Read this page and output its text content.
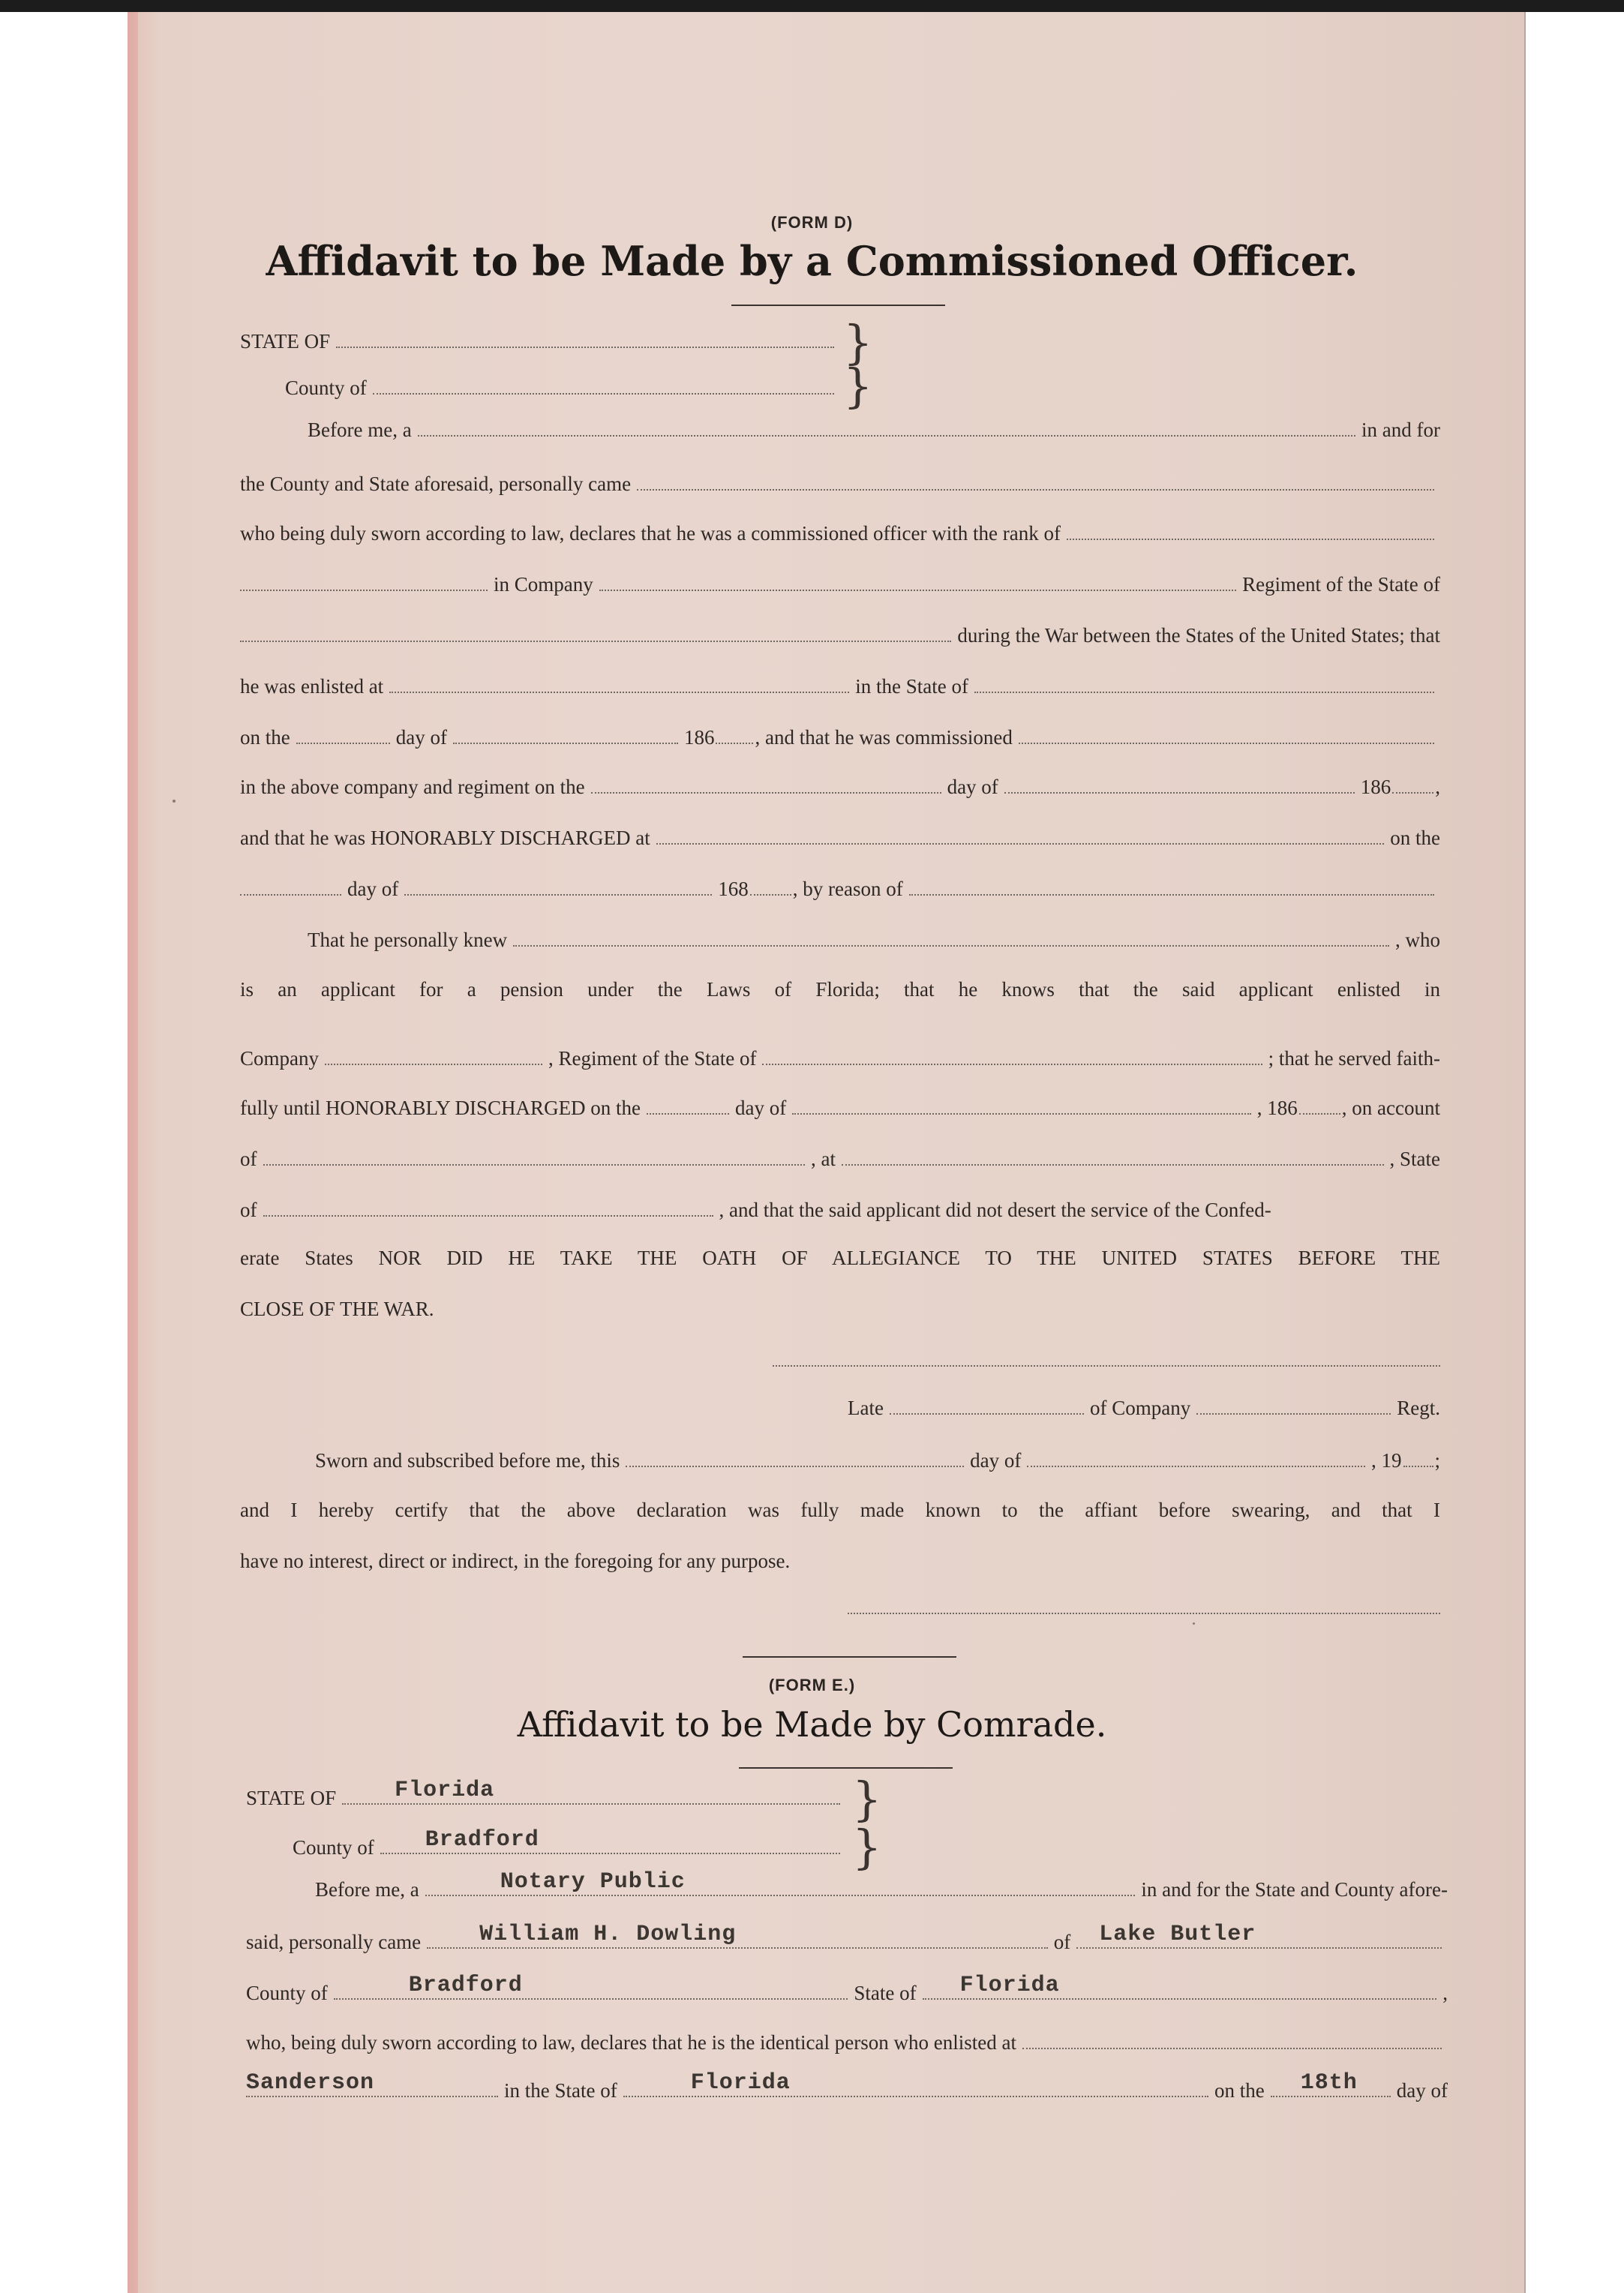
(FORM D)
Affidavit to be Made by a Commissioned Officer.
STATE OF
County of
}
}
Before me, a	in and for
the County and State aforesaid, personally came
who being duly sworn according to law, declares that he was a commissioned officer with the rank of
in Company	Regiment of the State of
during the War between the States of the United States; that
he was enlisted at	in the State of
on the	day of	186 , and that he was commissioned
in the above company and regiment on the	day of	186 ,
and that he was HONORABLY DISCHARGED at	on the
day of	168 , by reason of
That he personally knew	, who
is an applicant for a pension under the Laws of Florida; that he knows that the said applicant enlisted in
Company	, Regiment of the State of	; that he served faith-
fully until HONORABLY DISCHARGED on the	day of	, 186 , on account
of	, at	, State
of	, and that the said applicant did not desert the service of the Confed-
erate States NOR DID HE TAKE THE OATH OF ALLEGIANCE TO THE UNITED STATES BEFORE THE
CLOSE OF THE WAR.
Late	of Company	Regt.
Sworn and subscribed before me, this	day of	, 19 ;
and I hereby certify that the above declaration was fully made known to the affiant before swearing, and that I
have no interest, direct or indirect, in the foregoing for any purpose.
(FORM E.)
Affidavit to be Made by Comrade.
STATE OF	Florida
County of Bradford
}
}
Before me, a	Notary Public	in and for the State and County afore-
said, personally came	William H. Dowling	of Lake Butler
County of	Bradford	State of Florida	,
who, being duly sworn according to law, declares that he is the identical person who enlisted at
Sanderson	in the State of	Florida	on the 18th day of
